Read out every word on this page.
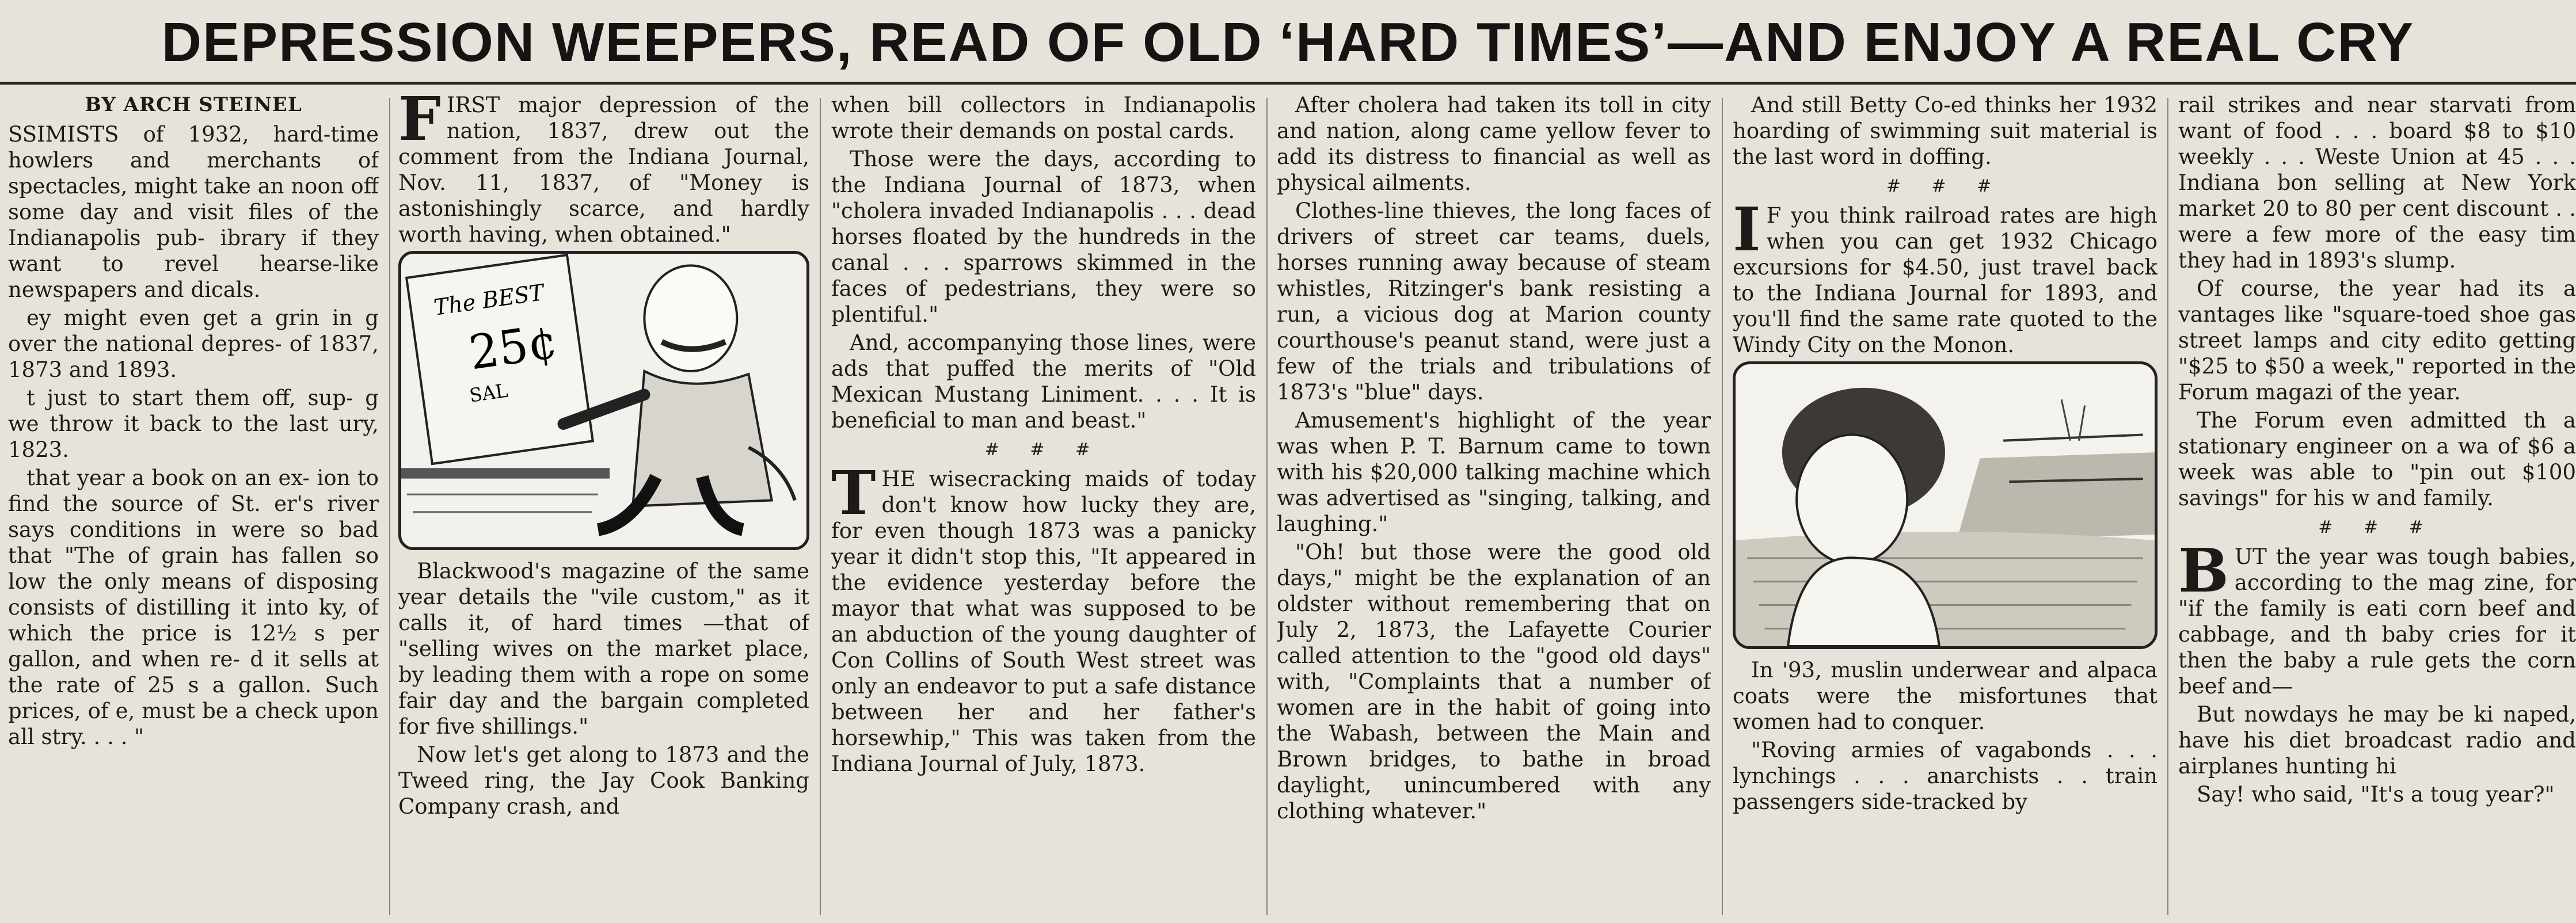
DEPRESSION WEEPERS, READ OF OLD ‘HARD TIMES’—AND ENJOY A REAL CRY
BY ARCH STEINEL

SSIMISTS of 1932, hard-time howlers and merchants of spectacles, might take an noon off some day and visit files of the Indianapolis pub- ibrary if they want to revel hearse-like newspapers and dicals.

ey might even get a grin in g over the national depres- of 1837, 1873 and 1893.

t just to start them off, sup- g we throw it back to the last ury, 1823.

that year a book on an ex- ion to find the source of St. er's river says conditions in were so bad that "The of grain has fallen so low the only means of disposing consists of distilling it into ky, of which the price is 12½ s per gallon, and when re- d it sells at the rate of 25 s a gallon. Such prices, of e, must be a check upon all stry. . . . "

FIRST major depression of the nation, 1837, drew out the comment from the Indiana Journal, Nov. 11, 1837, of "Money is astonishingly scarce, and hardly worth having, when obtained."

The BEST
25¢
SAL

Blackwood's magazine of the same year details the "vile custom," as it calls it, of hard times —that of "selling wives on the market place, by leading them with a rope on some fair day and the bargain completed for five shillings."

Now let's get along to 1873 and the Tweed ring, the Jay Cook Banking Company crash, and

when bill collectors in Indianapolis wrote their demands on postal cards.

Those were the days, according to the Indiana Journal of 1873, when "cholera invaded Indianapolis . . . dead horses floated by the hundreds in the canal . . . sparrows skimmed in the faces of pedestrians, they were so plentiful."

And, accompanying those lines, were ads that puffed the merits of "Old Mexican Mustang Liniment. . . . It is beneficial to man and beast."

# # #

THE wisecracking maids of today don't know how lucky they are, for even though 1873 was a panicky year it didn't stop this, "It appeared in the evidence yesterday before the mayor that what was supposed to be an abduction of the young daughter of Con Collins of South West street was only an endeavor to put a safe distance between her and her father's horsewhip," This was taken from the Indiana Journal of July, 1873.

After cholera had taken its toll in city and nation, along came yellow fever to add its distress to financial as well as physical ailments.

Clothes-line thieves, the long faces of drivers of street car teams, duels, horses running away because of steam whistles, Ritzinger's bank resisting a run, a vicious dog at Marion county courthouse's peanut stand, were just a few of the trials and tribulations of 1873's "blue" days.

Amusement's highlight of the year was when P. T. Barnum came to town with his $20,000 talking machine which was advertised as "singing, talking, and laughing."

"Oh! but those were the good old days," might be the explanation of an oldster without remembering that on July 2, 1873, the Lafayette Courier called attention to the "good old days" with, "Complaints that a number of women are in the habit of going into the Wabash, between the Main and Brown bridges, to bathe in broad daylight, unincumbered with any clothing whatever."

And still Betty Co-ed thinks her 1932 hoarding of swimming suit material is the last word in doffing.

# # #

I F you think railroad rates are high when you can get 1932 Chicago excursions for $4.50, just travel back to the Indiana Journal for 1893, and you'll find the same rate quoted to the Windy City on the Monon.

In '93, muslin underwear and alpaca coats were the misfortunes that women had to conquer.

"Roving armies of vagabonds . . . lynchings . . . anarchists . . train passengers side-tracked by

rail strikes and near starvati from want of food . . . board $8 to $10 weekly . . . Weste Union at 45 . . . Indiana bon selling at New York market 20 to 80 per cent discount . . were a few more of the easy tim they had in 1893's slump.

Of course, the year had its a vantages like "square-toed shoe gas street lamps and city edito getting "$25 to $50 a week," reported in the Forum magazi of the year.

The Forum even admitted th a stationary engineer on a wa of $6 a week was able to "pin out $100 savings" for his w and family.

# # #

BUT the year was tough babies, according to the mag zine, for "if the family is eati corn beef and cabbage, and th baby cries for it then the baby a rule gets the corn beef and—

But nowdays he may be ki naped, have his diet broadcast radio and airplanes hunting hi

Say! who said, "It's a toug year?"
